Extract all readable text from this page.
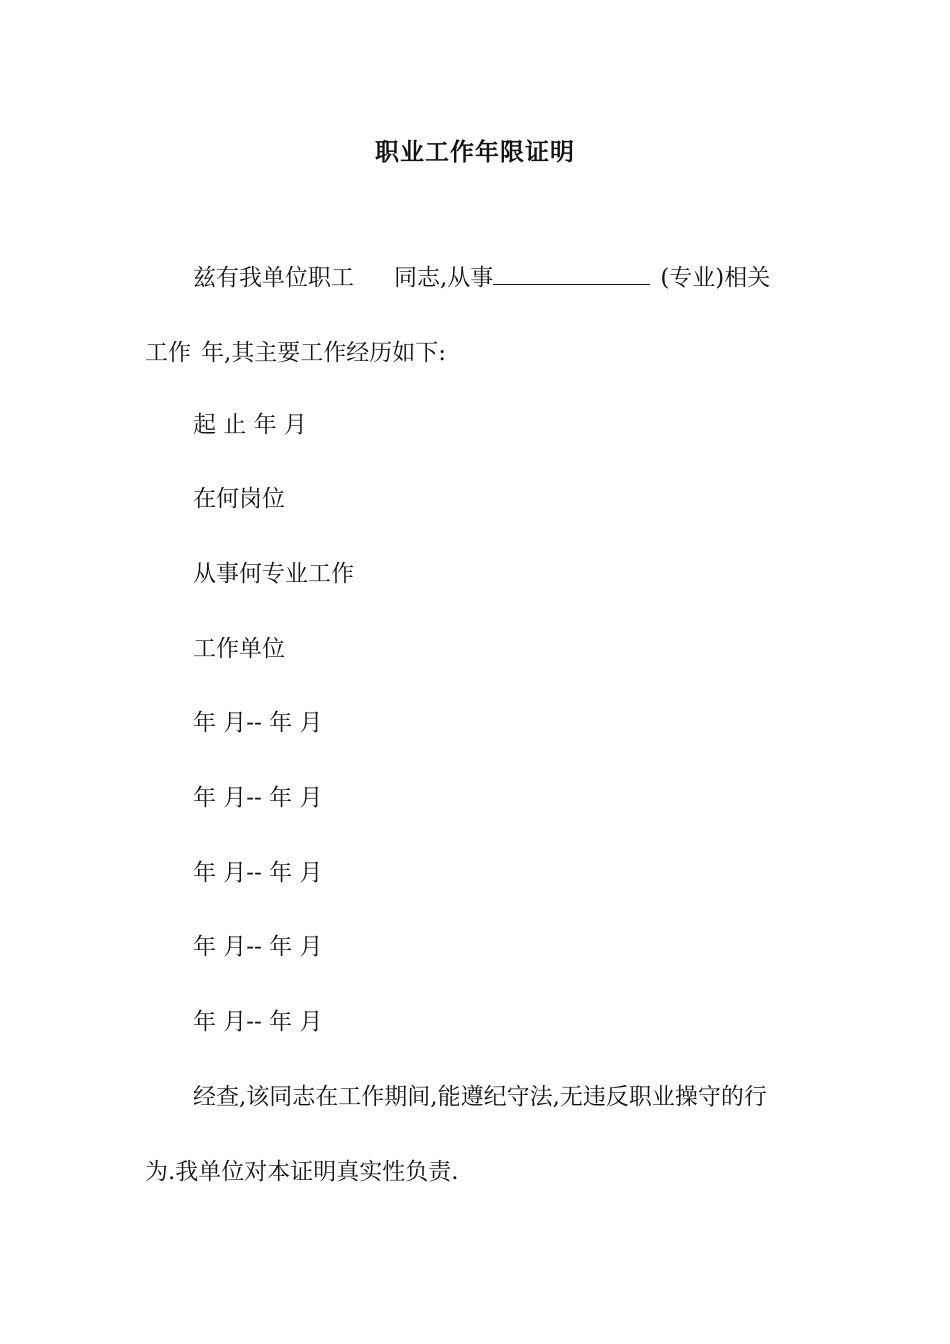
职业工作年限证明
兹有我单位职工 同志,从事	(专业)相关
工作 年,其主要工作经历如下:
起 止 年 月
在何岗位
从事何专业工作
工作单位
年 月-- 年 月
年 月-- 年 月
年 月-- 年 月
年 月-- 年 月
年 月-- 年 月
经查,该同志在工作期间,能遵纪守法,无违反职业操守的行
为.我单位对本证明真实性负责.
